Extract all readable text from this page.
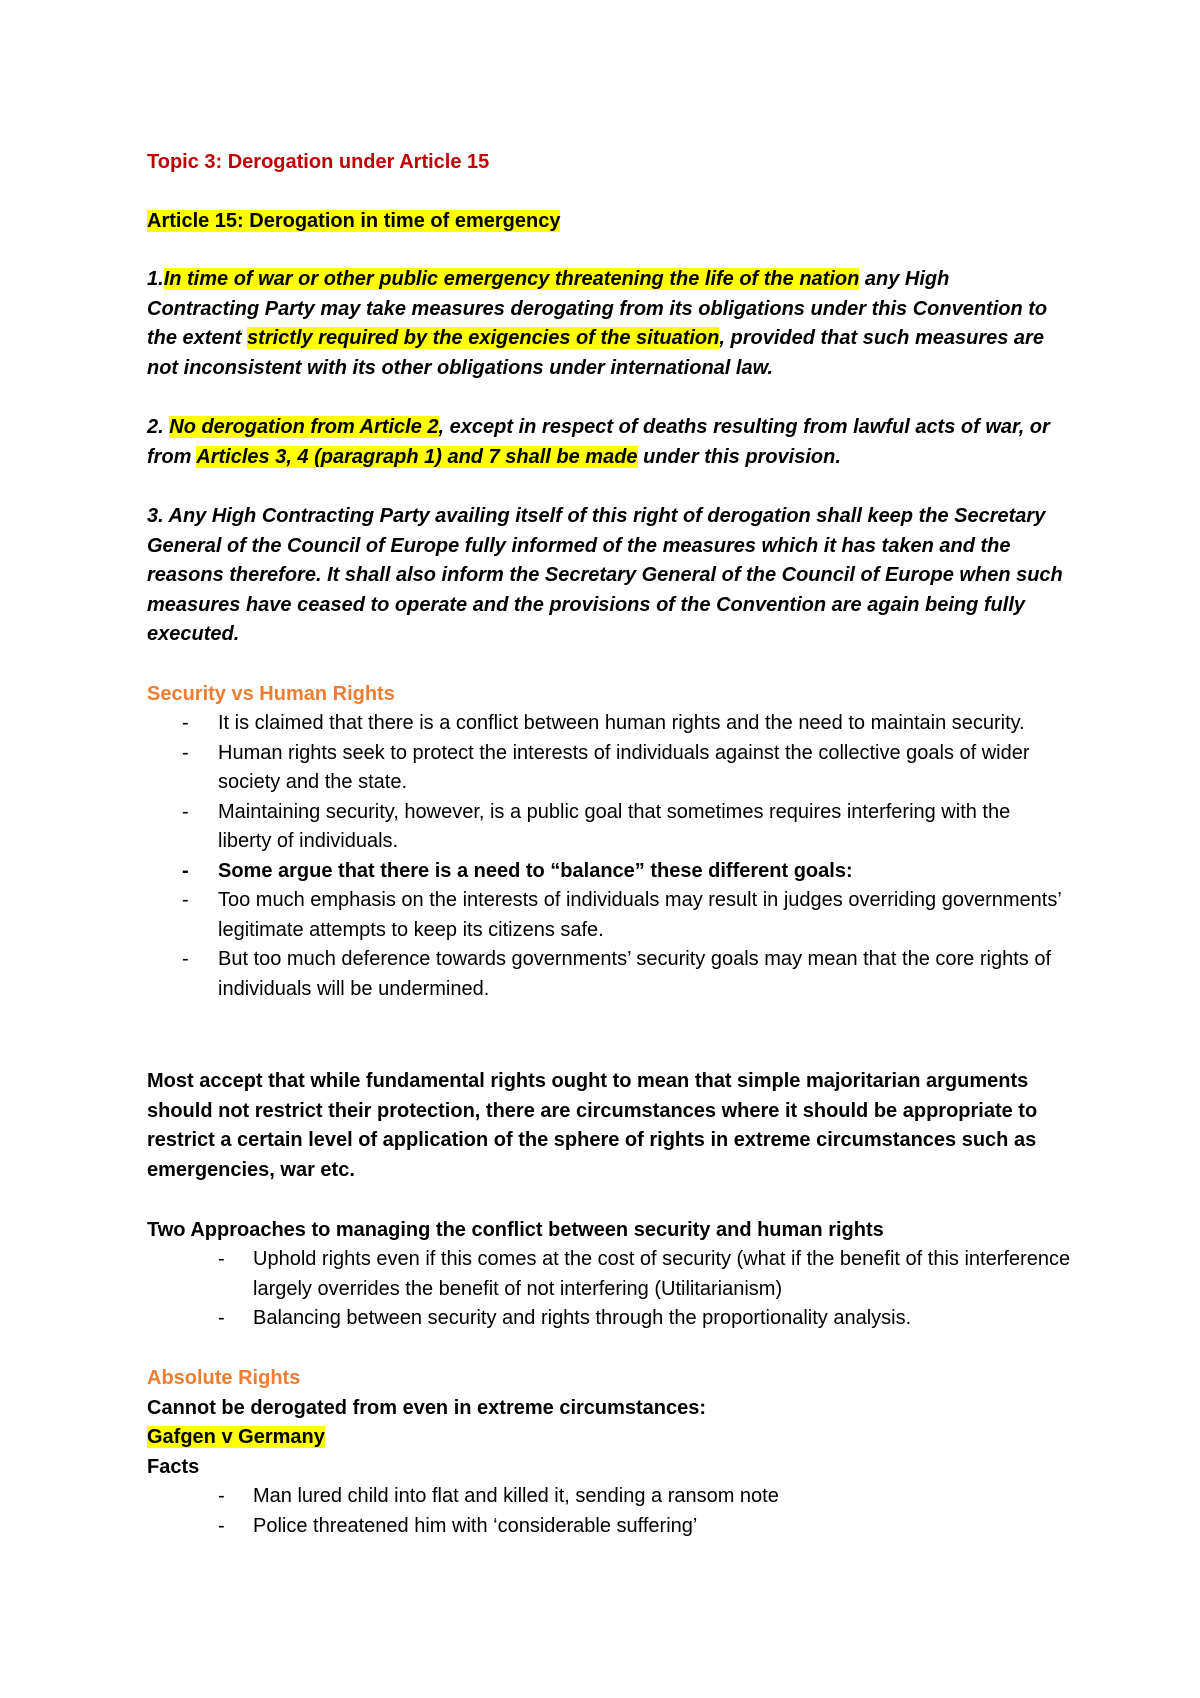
Topic 3: Derogation under Article 15
Article 15: Derogation in time of emergency
1.In time of war or other public emergency threatening the life of the nation any High Contracting Party may take measures derogating from its obligations under this Convention to the extent strictly required by the exigencies of the situation, provided that such measures are not inconsistent with its other obligations under international law.
2. No derogation from Article 2, except in respect of deaths resulting from lawful acts of war, or from Articles 3, 4 (paragraph 1) and 7 shall be made under this provision.
3. Any High Contracting Party availing itself of this right of derogation shall keep the Secretary General of the Council of Europe fully informed of the measures which it has taken and the reasons therefore. It shall also inform the Secretary General of the Council of Europe when such measures have ceased to operate and the provisions of the Convention are again being fully executed.
Security vs Human Rights
- It is claimed that there is a conflict between human rights and the need to maintain security.
- Human rights seek to protect the interests of individuals against the collective goals of wider society and the state.
- Maintaining security, however, is a public goal that sometimes requires interfering with the liberty of individuals.
- Some argue that there is a need to “balance” these different goals:
- Too much emphasis on the interests of individuals may result in judges overriding governments’ legitimate attempts to keep its citizens safe.
- But too much deference towards governments’ security goals may mean that the core rights of individuals will be undermined.
Most accept that while fundamental rights ought to mean that simple majoritarian arguments should not restrict their protection, there are circumstances where it should be appropriate to restrict a certain level of application of the sphere of rights in extreme circumstances such as emergencies, war etc.
Two Approaches to managing the conflict between security and human rights
- Uphold rights even if this comes at the cost of security (what if the benefit of this interference largely overrides the benefit of not interfering (Utilitarianism)
- Balancing between security and rights through the proportionality analysis.
Absolute Rights
Cannot be derogated from even in extreme circumstances:
Gafgen v Germany
Facts
- Man lured child into flat and killed it, sending a ransom note
- Police threatened him with ‘considerable suffering’
